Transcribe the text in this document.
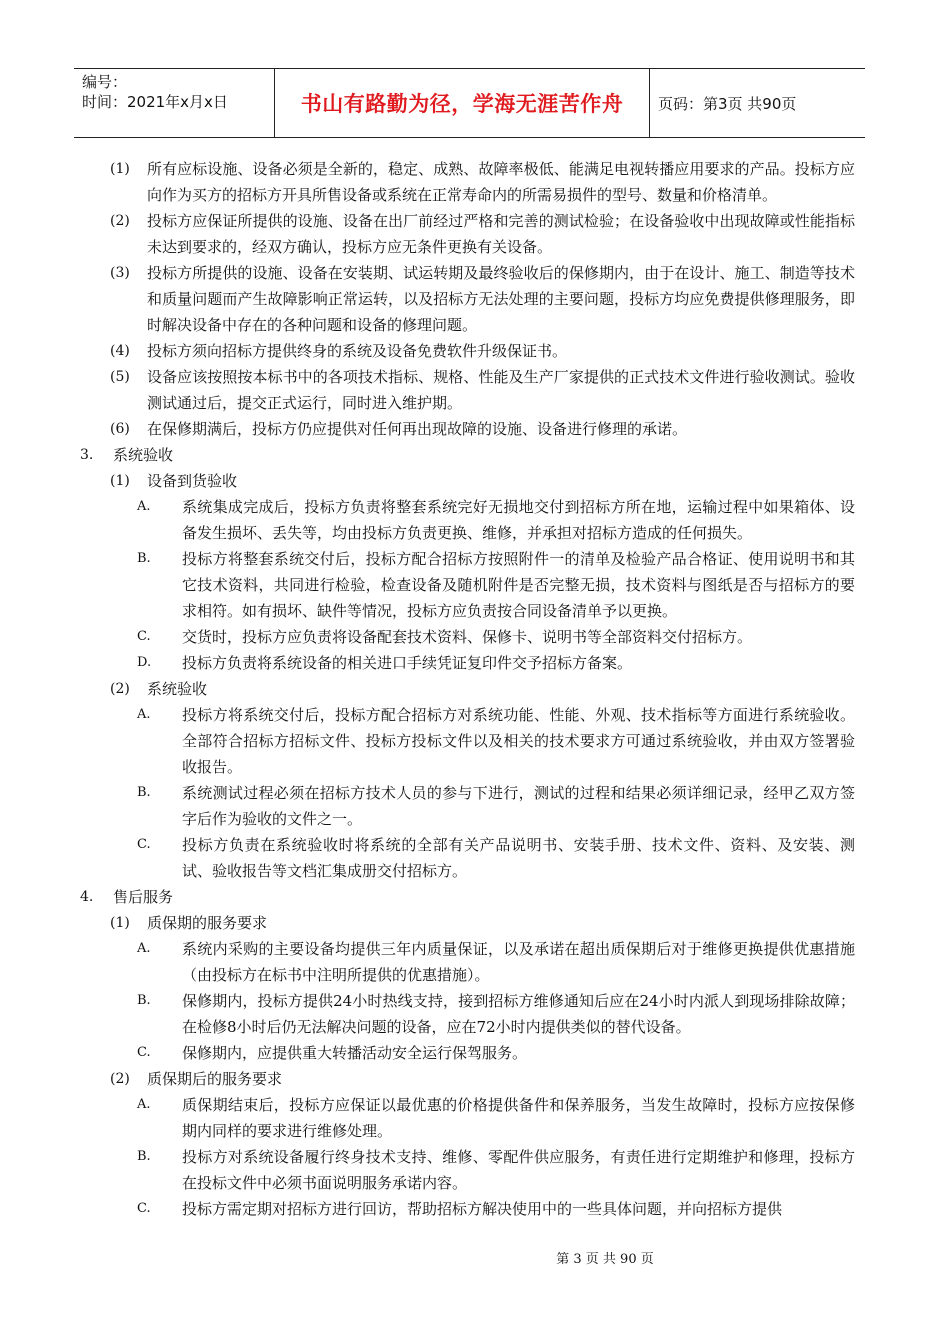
编号：
时间：2021年x月x日	书山有路勤为径，学海无涯苦作舟	页码：第3页 共90页
(1) 所有应标设施、设备必须是全新的，稳定、成熟、故障率极低、能满足电视转播应用要求的产品。投标方应向作为买方的招标方开具所售设备或系统在正常寿命内的所需易损件的型号、数量和价格清单。
(2) 投标方应保证所提供的设施、设备在出厂前经过严格和完善的测试检验；在设备验收中出现故障或性能指标未达到要求的，经双方确认，投标方应无条件更换有关设备。
(3) 投标方所提供的设施、设备在安装期、试运转期及最终验收后的保修期内，由于在设计、施工、制造等技术和质量问题而产生故障影响正常运转，以及招标方无法处理的主要问题，投标方均应免费提供修理服务，即时解决设备中存在的各种问题和设备的修理问题。
(4) 投标方须向招标方提供终身的系统及设备免费软件升级保证书。
(5) 设备应该按照按本标书中的各项技术指标、规格、性能及生产厂家提供的正式技术文件进行验收测试。验收测试通过后，提交正式运行，同时进入维护期。
(6) 在保修期满后，投标方仍应提供对任何再出现故障的设施、设备进行修理的承诺。
3. 系统验收
(1) 设备到货验收
A. 系统集成完成后，投标方负责将整套系统完好无损地交付到招标方所在地，运输过程中如果箱体、设备发生损坏、丢失等，均由投标方负责更换、维修，并承担对招标方造成的任何损失。
B. 投标方将整套系统交付后，投标方配合招标方按照附件一的清单及检验产品合格证、使用说明书和其它技术资料，共同进行检验，检查设备及随机附件是否完整无损，技术资料与图纸是否与招标方的要求相符。如有损坏、缺件等情况，投标方应负责按合同设备清单予以更换。
C. 交货时，投标方应负责将设备配套技术资料、保修卡、说明书等全部资料交付招标方。
D. 投标方负责将系统设备的相关进口手续凭证复印件交予招标方备案。
(2) 系统验收
A. 投标方将系统交付后，投标方配合招标方对系统功能、性能、外观、技术指标等方面进行系统验收。全部符合招标方招标文件、投标方投标文件以及相关的技术要求方可通过系统验收，并由双方签署验收报告。
B. 系统测试过程必须在招标方技术人员的参与下进行，测试的过程和结果必须详细记录，经甲乙双方签字后作为验收的文件之一。
C. 投标方负责在系统验收时将系统的全部有关产品说明书、安装手册、技术文件、资料、及安装、测试、验收报告等文档汇集成册交付招标方。
4. 售后服务
(1) 质保期的服务要求
A. 系统内采购的主要设备均提供三年内质量保证，以及承诺在超出质保期后对于维修更换提供优惠措施（由投标方在标书中注明所提供的优惠措施）。
B. 保修期内，投标方提供24小时热线支持，接到招标方维修通知后应在24小时内派人到现场排除故障；在检修8小时后仍无法解决问题的设备，应在72小时内提供类似的替代设备。
C. 保修期内，应提供重大转播活动安全运行保驾服务。
(2) 质保期后的服务要求
A. 质保期结束后，投标方应保证以最优惠的价格提供备件和保养服务，当发生故障时，投标方应按保修期内同样的要求进行维修处理。
B. 投标方对系统设备履行终身技术支持、维修、零配件供应服务，有责任进行定期维护和修理，投标方在投标文件中必须书面说明服务承诺内容。
C. 投标方需定期对招标方进行回访，帮助招标方解决使用中的一些具体问题，并向招标方提供
第 3 页 共 90 页
